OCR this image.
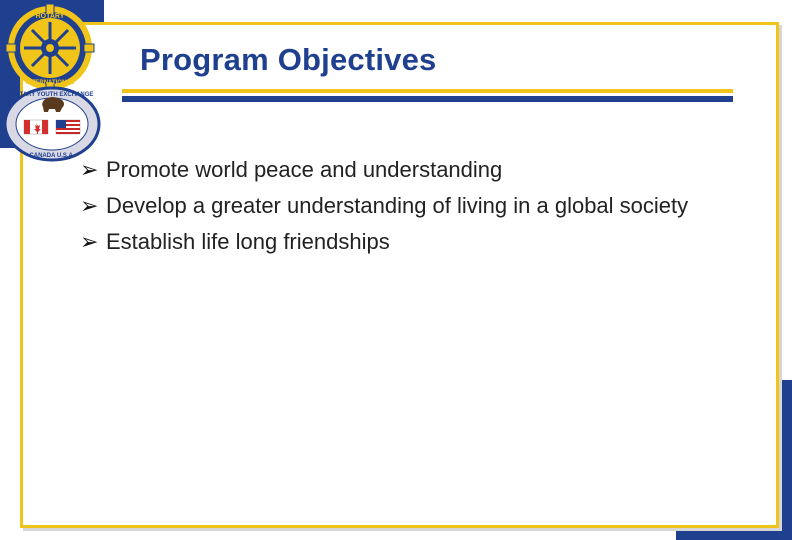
ROTARY
INTERNATIONAL
ROTARY YOUTH EXCHANGE
CANADA U.S.A.
Program Objectives
➢ Promote world peace and understanding
➢ Develop a greater understanding of living in a global society
➢ Establish life long friendships
